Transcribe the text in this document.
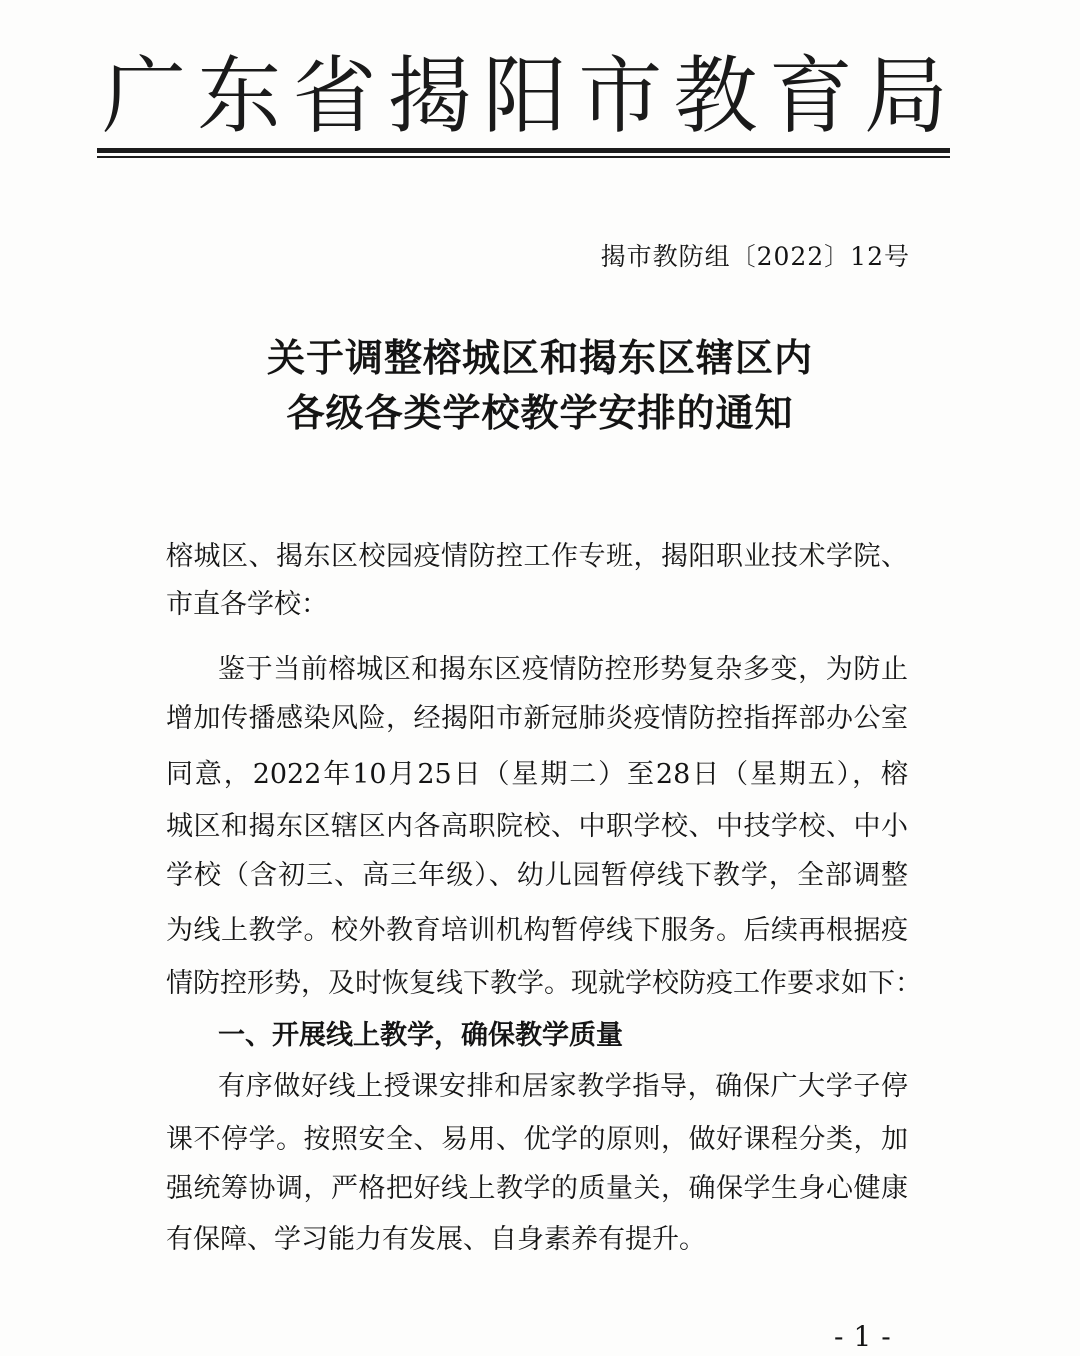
广 东 省 揭 阳 市 教 育 局
揭市教防组〔2022〕12号
关于调整榕城区和揭东区辖区内
各级各类学校教学安排的通知
榕城区、揭东区校园疫情防控工作专班，揭阳职业技术学院、
市直各学校：
鉴于当前榕城区和揭东区疫情防控形势复杂多变，为防止
增加传播感染风险，经揭阳市新冠肺炎疫情防控指挥部办公室
同意，2022年10月25日（星期二）至28日（星期五），榕
城区和揭东区辖区内各高职院校、中职学校、中技学校、中小
学校（含初三、高三年级）、幼儿园暂停线下教学，全部调整
为线上教学。校外教育培训机构暂停线下服务。后续再根据疫
情防控形势，及时恢复线下教学。现就学校防疫工作要求如下：
一、开展线上教学，确保教学质量
有序做好线上授课安排和居家教学指导，确保广大学子停
课不停学。按照安全、易用、优学的原则，做好课程分类，加
强统筹协调，严格把好线上教学的质量关，确保学生身心健康
有保障、学习能力有发展、自身素养有提升。
-1-
